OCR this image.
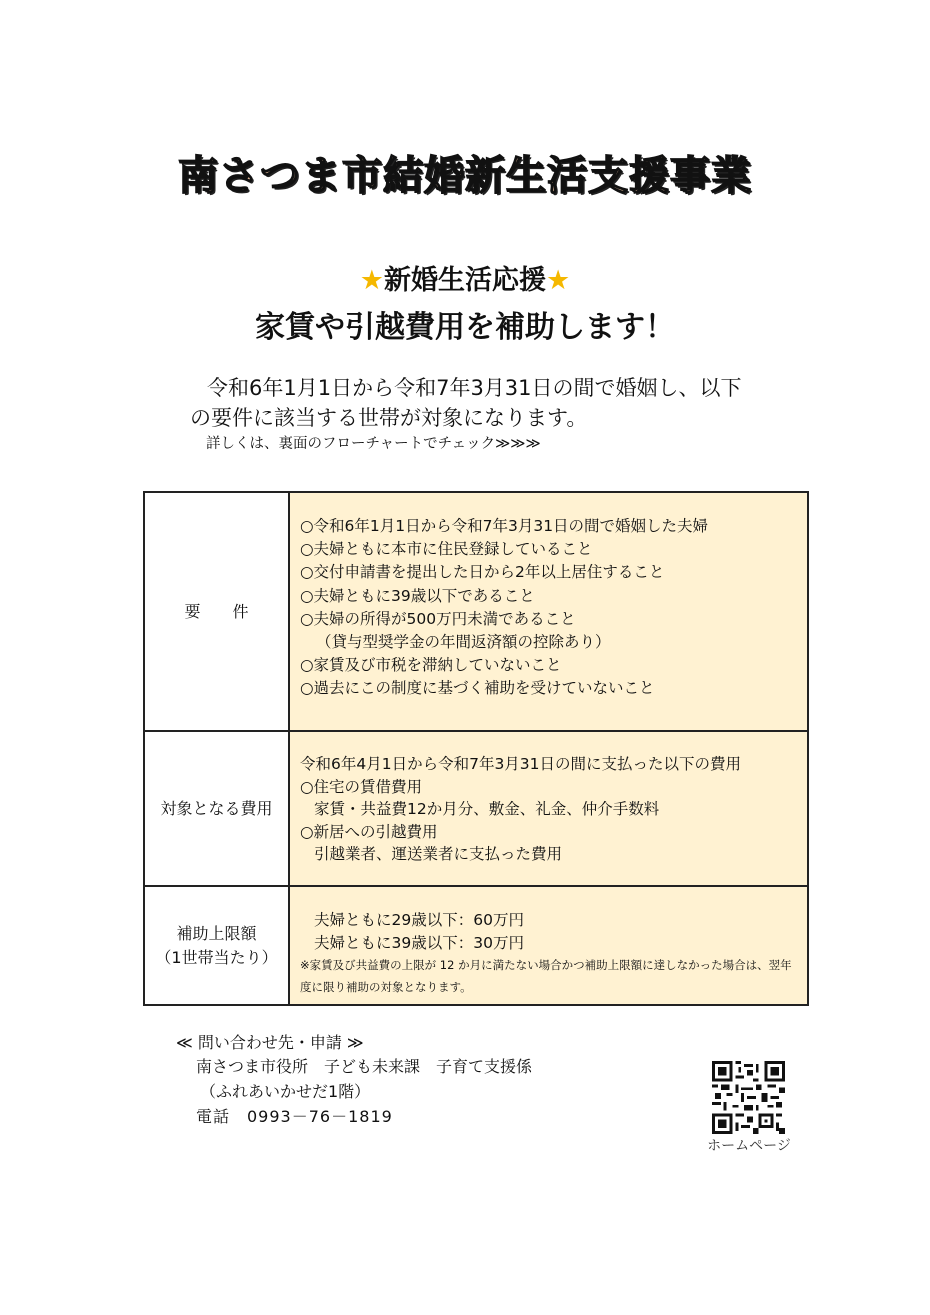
南さつま市結婚新生活支援事業
★新婚生活応援★
家賃や引越費用を補助します！
令和6年1月1日から令和7年3月31日の間で婚姻し、以下
の要件に該当する世帯が対象になります。
詳しくは、裏面のフローチャートでチェック≫≫≫
要　　件
○令和6年1月1日から令和7年3月31日の間で婚姻した夫婦
○夫婦ともに本市に住民登録していること
○交付申請書を提出した日から2年以上居住すること
○夫婦ともに39歳以下であること
○夫婦の所得が500万円未満であること
（貸与型奨学金の年間返済額の控除あり）
○家賃及び市税を滞納していないこと
○過去にこの制度に基づく補助を受けていないこと
対象となる費用
令和6年4月1日から令和7年3月31日の間に支払った以下の費用
○住宅の賃借費用
家賃・共益費12か月分、敷金、礼金、仲介手数料
○新居への引越費用
引越業者、運送業者に支払った費用
補助上限額
（1世帯当たり）
夫婦ともに29歳以下：60万円
夫婦ともに39歳以下：30万円
※家賃及び共益費の上限が 12 か月に満たない場合かつ補助上限額に達しなかった場合は、翌年度に限り補助の対象となります。
≪ 問い合わせ先・申請 ≫
南さつま市役所　子ども未来課　子育て支援係
（ふれあいかせだ1階）
電話　0993－76－1819
ホームページ
